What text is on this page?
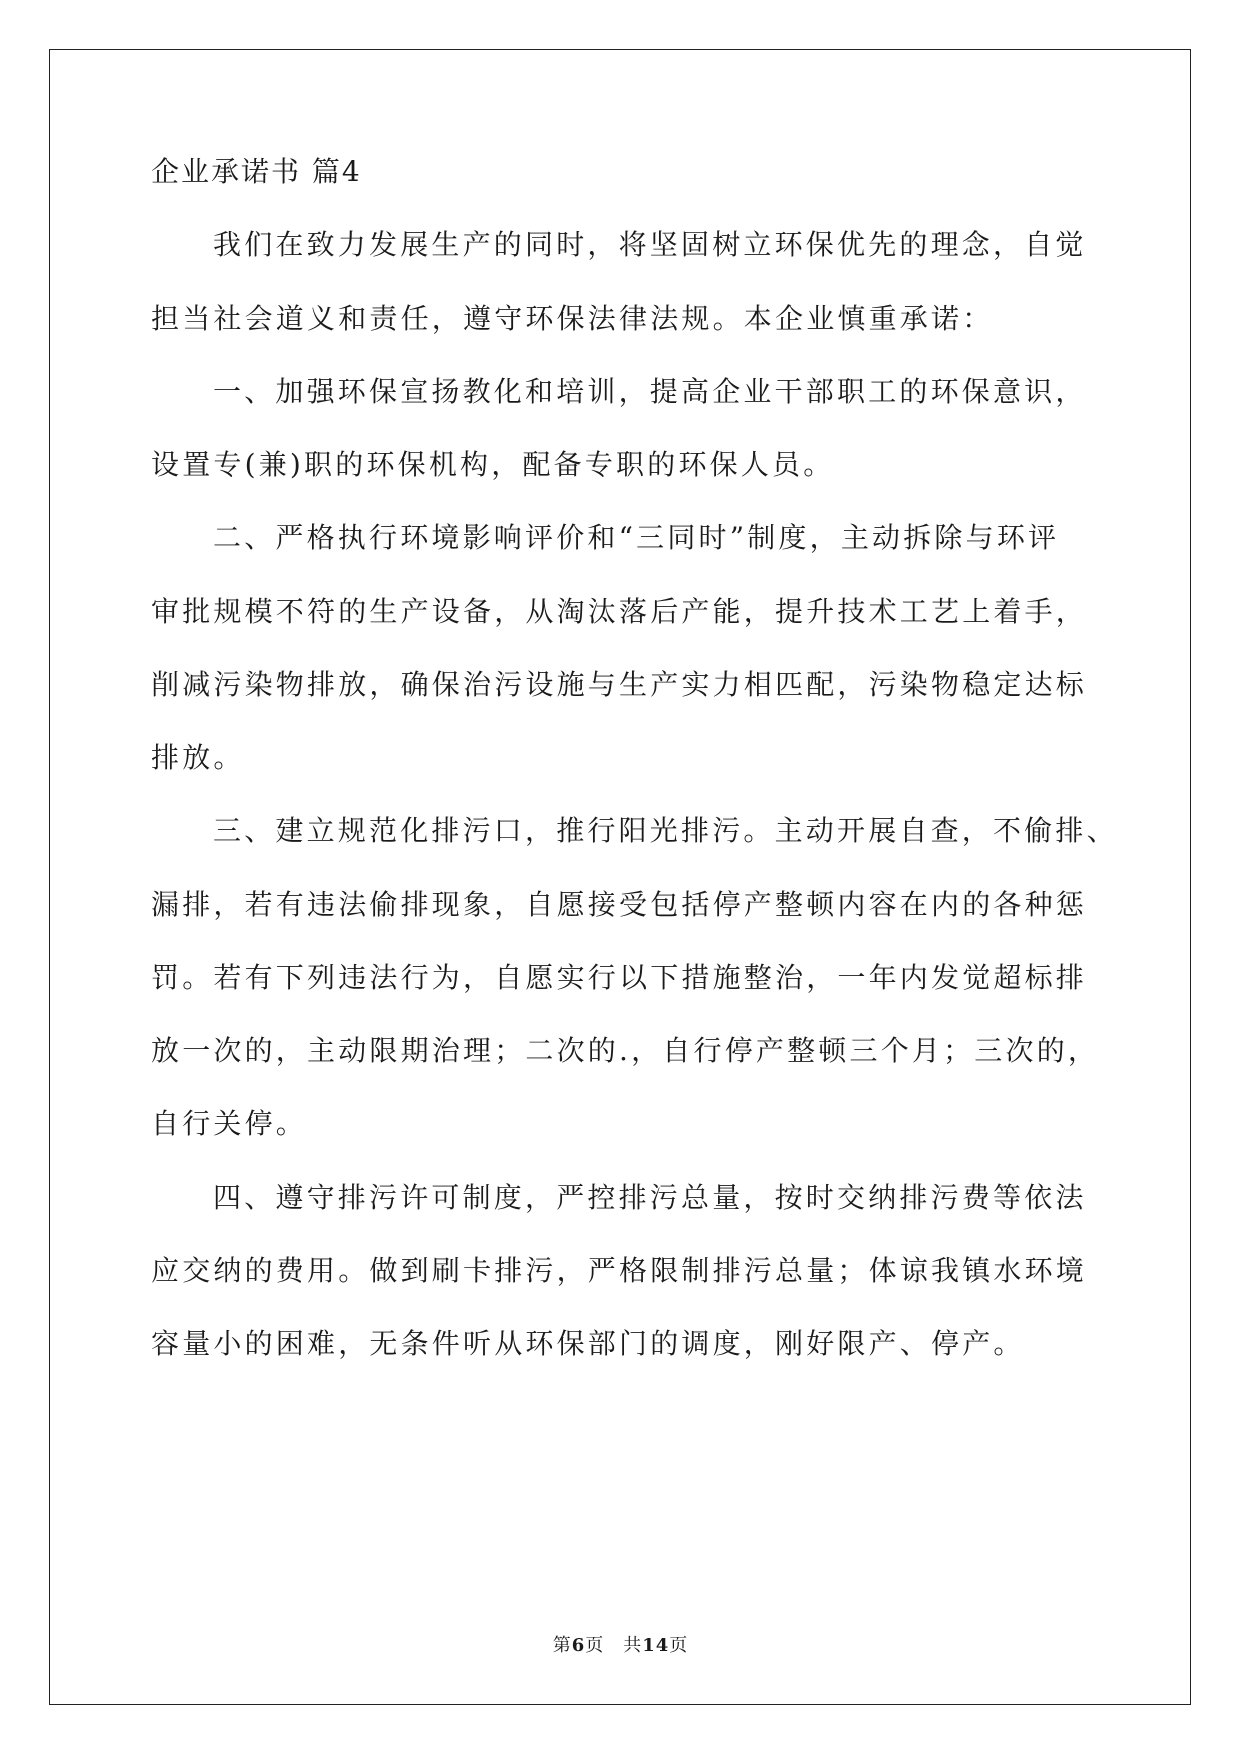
企业承诺书 篇4
我们在致力发展生产的同时，将坚固树立环保优先的理念，自觉
担当社会道义和责任，遵守环保法律法规。本企业慎重承诺：
一、加强环保宣扬教化和培训，提高企业干部职工的环保意识，
设置专(兼)职的环保机构，配备专职的环保人员。
二、严格执行环境影响评价和“三同时”制度，主动拆除与环评
审批规模不符的生产设备，从淘汰落后产能，提升技术工艺上着手，
削减污染物排放，确保治污设施与生产实力相匹配，污染物稳定达标
排放。
三、建立规范化排污口，推行阳光排污。主动开展自查，不偷排、
漏排，若有违法偷排现象，自愿接受包括停产整顿内容在内的各种惩
罚。若有下列违法行为，自愿实行以下措施整治，一年内发觉超标排
放一次的，主动限期治理；二次的.，自行停产整顿三个月；三次的，
自行关停。
四、遵守排污许可制度，严控排污总量，按时交纳排污费等依法
应交纳的费用。做到刷卡排污，严格限制排污总量；体谅我镇水环境
容量小的困难，无条件听从环保部门的调度，刚好限产、停产。
第6页　共14页
